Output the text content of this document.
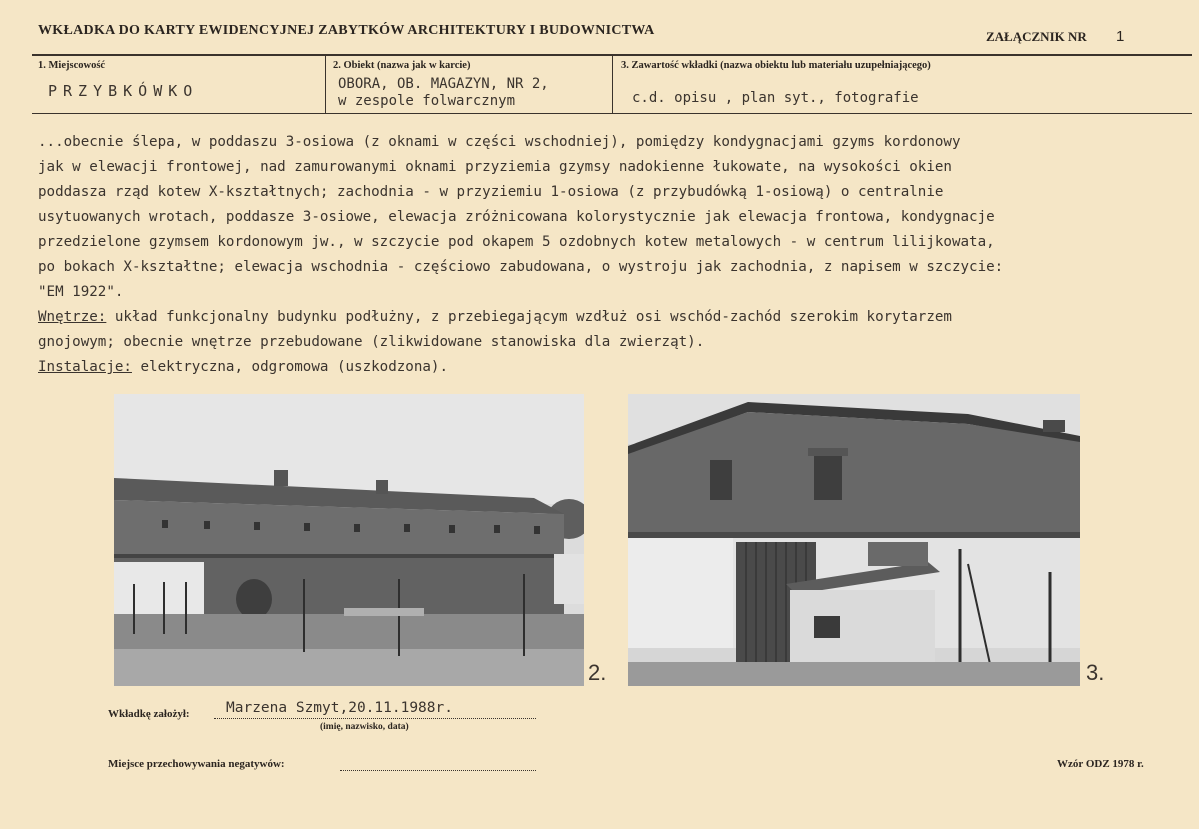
WKŁADKA DO KARTY EWIDENCYJNEJ ZABYTKÓW ARCHITEKTURY I BUDOWNICTWA	ZAŁĄCZNIK NR 1
1. Miejscowość
PRZYBKÓWKO
2. Obiekt (nazwa jak w karcie)
OBORA, OB. MAGAZYN, NR 2,
w zespole folwarcznym
3. Zawartość wkładki (nazwa obiektu lub materiału uzupełniającego)
c.d. opisu , plan syt., fotografie
...obecnie ślepa, w poddaszu 3-osiowa (z oknami w części wschodniej), pomiędzy kondygnacjami gzyms kordonowy
jak w elewacji frontowej, nad zamurowanymi oknami przyziemia gzymsy nadokienne łukowate, na wysokości okien
poddasza rząd kotew X-kształtnych; zachodnia - w przyziemiu 1-osiowa (z przybudówką 1-osiową) o centralnie
usytuowanych wrotach, poddasze 3-osiowe, elewacja zróżnicowana kolorystycznie jak elewacja frontowa, kondygnacje
przedzielone gzymsem kordonowym jw., w szczycie pod okapem 5 ozdobnych kotew metalowych - w centrum lilijkowata,
po bokach X-kształtne; elewacja wschodnia - częściowo zabudowana, o wystroju jak zachodnia, z napisem w szczycie:
"EM 1922".
Wnętrze: układ funkcjonalny budynku podłużny, z przebiegającym wzdłuż osi wschód-zachód szerokim korytarzem
gnojowym; obecnie wnętrze przebudowane (zlikwidowane stanowiska dla zwierząt).
Instalacje: elektryczna, odgromowa (uszkodzona).
2.	3.
Wkładkę założył:	Marzena Szmyt,20.11.1988r.
(imię, nazwisko, data)
Miejsce przechowywania negatywów:	Wzór ODZ 1978 r.
